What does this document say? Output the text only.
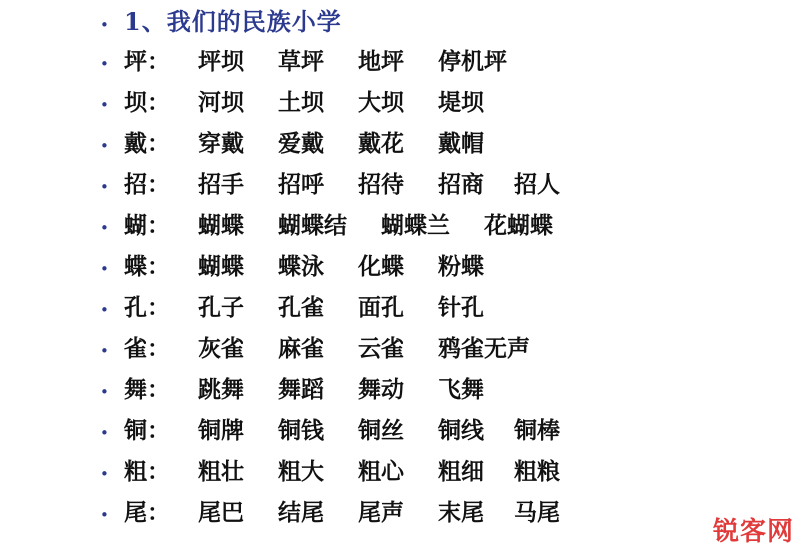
• 1、我们的民族小学
• 坪：	坪坝 草坪 地坪 停机坪
• 坝：	河坝 土坝 大坝 堤坝
• 戴：	穿戴 爱戴 戴花 戴帽
• 招：	招手 招呼 招待 招商 招人
• 蝴：	蝴蝶 蝴蝶结 蝴蝶兰 花蝴蝶
• 蝶：	蝴蝶 蝶泳 化蝶 粉蝶
• 孔：	孔子 孔雀 面孔 针孔
• 雀：	灰雀 麻雀 云雀 鸦雀无声
• 舞：	跳舞 舞蹈 舞动 飞舞
• 铜：	铜牌 铜钱 铜丝 铜线 铜棒
• 粗：	粗壮 粗大 粗心 粗细 粗粮
• 尾：	尾巴 结尾 尾声 末尾 马尾
锐客网
